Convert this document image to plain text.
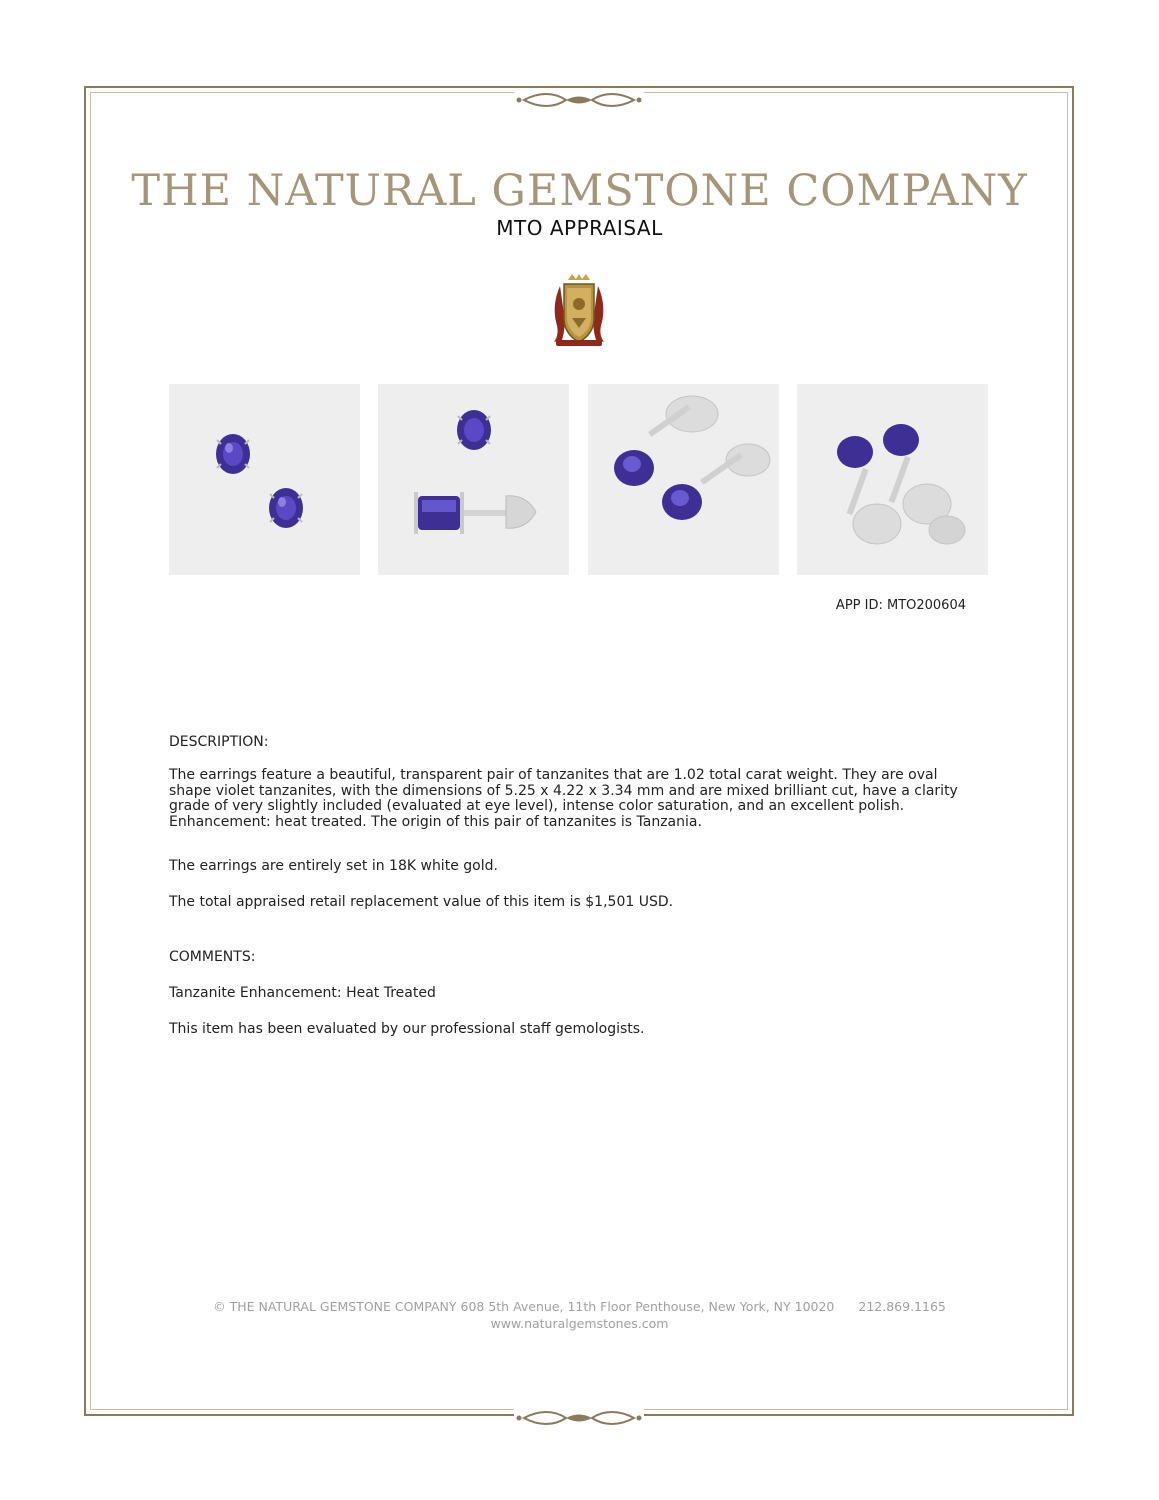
THE NATURAL GEMSTONE COMPANY
MTO APPRAISAL
APP ID: MTO200604
DESCRIPTION:
The earrings feature a beautiful, transparent pair of tanzanites that are 1.02 total carat weight. They are oval shape violet tanzanites, with the dimensions of 5.25 x 4.22 x 3.34 mm and are mixed brilliant cut, have a clarity grade of very slightly included (evaluated at eye level), intense color saturation, and an excellent polish. Enhancement: heat treated. The origin of this pair of tanzanites is Tanzania.
The earrings are entirely set in 18K white gold.
The total appraised retail replacement value of this item is $1,501 USD.
COMMENTS:
Tanzanite Enhancement: Heat Treated
This item has been evaluated by our professional staff gemologists.
© THE NATURAL GEMSTONE COMPANY 608 5th Avenue, 11th Floor Penthouse, New York, NY 10020 212.869.1165
www.naturalgemstones.com
